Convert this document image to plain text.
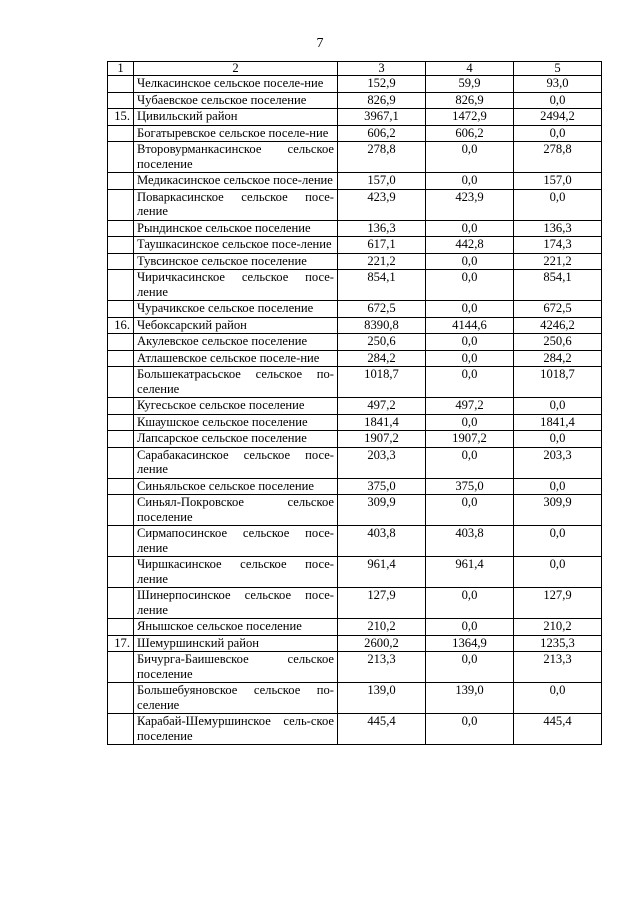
7
1	2	3	4	5
	Челкасинское сельское поселе-ние	152,9	59,9	93,0
	Чубаевское сельское поселение	826,9	826,9	0,0
15.	Цивильский район	3967,1	1472,9	2494,2
	Богатыревское сельское поселе-ние	606,2	606,2	0,0
	Второвурманкасинское сельское поселение	278,8	0,0	278,8
	Медикасинское сельское посе-ление	157,0	0,0	157,0
	Поваркасинское сельское посе-ление	423,9	423,9	0,0
	Рындинское сельское поселение	136,3	0,0	136,3
	Таушкасинское сельское посе-ление	617,1	442,8	174,3
	Тувсинское сельское поселение	221,2	0,0	221,2
	Чиричкасинское сельское посе-ление	854,1	0,0	854,1
	Чурачикское сельское поселение	672,5	0,0	672,5
16.	Чебоксарский район	8390,8	4144,6	4246,2
	Акулевское сельское поселение	250,6	0,0	250,6
	Атлашевское сельское поселе-ние	284,2	0,0	284,2
	Большекатрасьское сельское по-селение	1018,7	0,0	1018,7
	Кугесьское сельское поселение	497,2	497,2	0,0
	Кшаушское сельское поселение	1841,4	0,0	1841,4
	Лапсарское сельское поселение	1907,2	1907,2	0,0
	Сарабакасинское сельское посе-ление	203,3	0,0	203,3
	Синьяльское сельское поселение	375,0	375,0	0,0
	Синьял-Покровское сельское поселение	309,9	0,0	309,9
	Сирмапосинское сельское посе-ление	403,8	403,8	0,0
	Чиршкасинское сельское посе-ление	961,4	961,4	0,0
	Шинерпосинское сельское посе-ление	127,9	0,0	127,9
	Янышское сельское поселение	210,2	0,0	210,2
17.	Шемуршинский район	2600,2	1364,9	1235,3
	Бичурга-Баишевское сельское поселение	213,3	0,0	213,3
	Большебуяновское сельское по-селение	139,0	139,0	0,0
	Карабай-Шемуршинское сель-ское поселение	445,4	0,0	445,4
